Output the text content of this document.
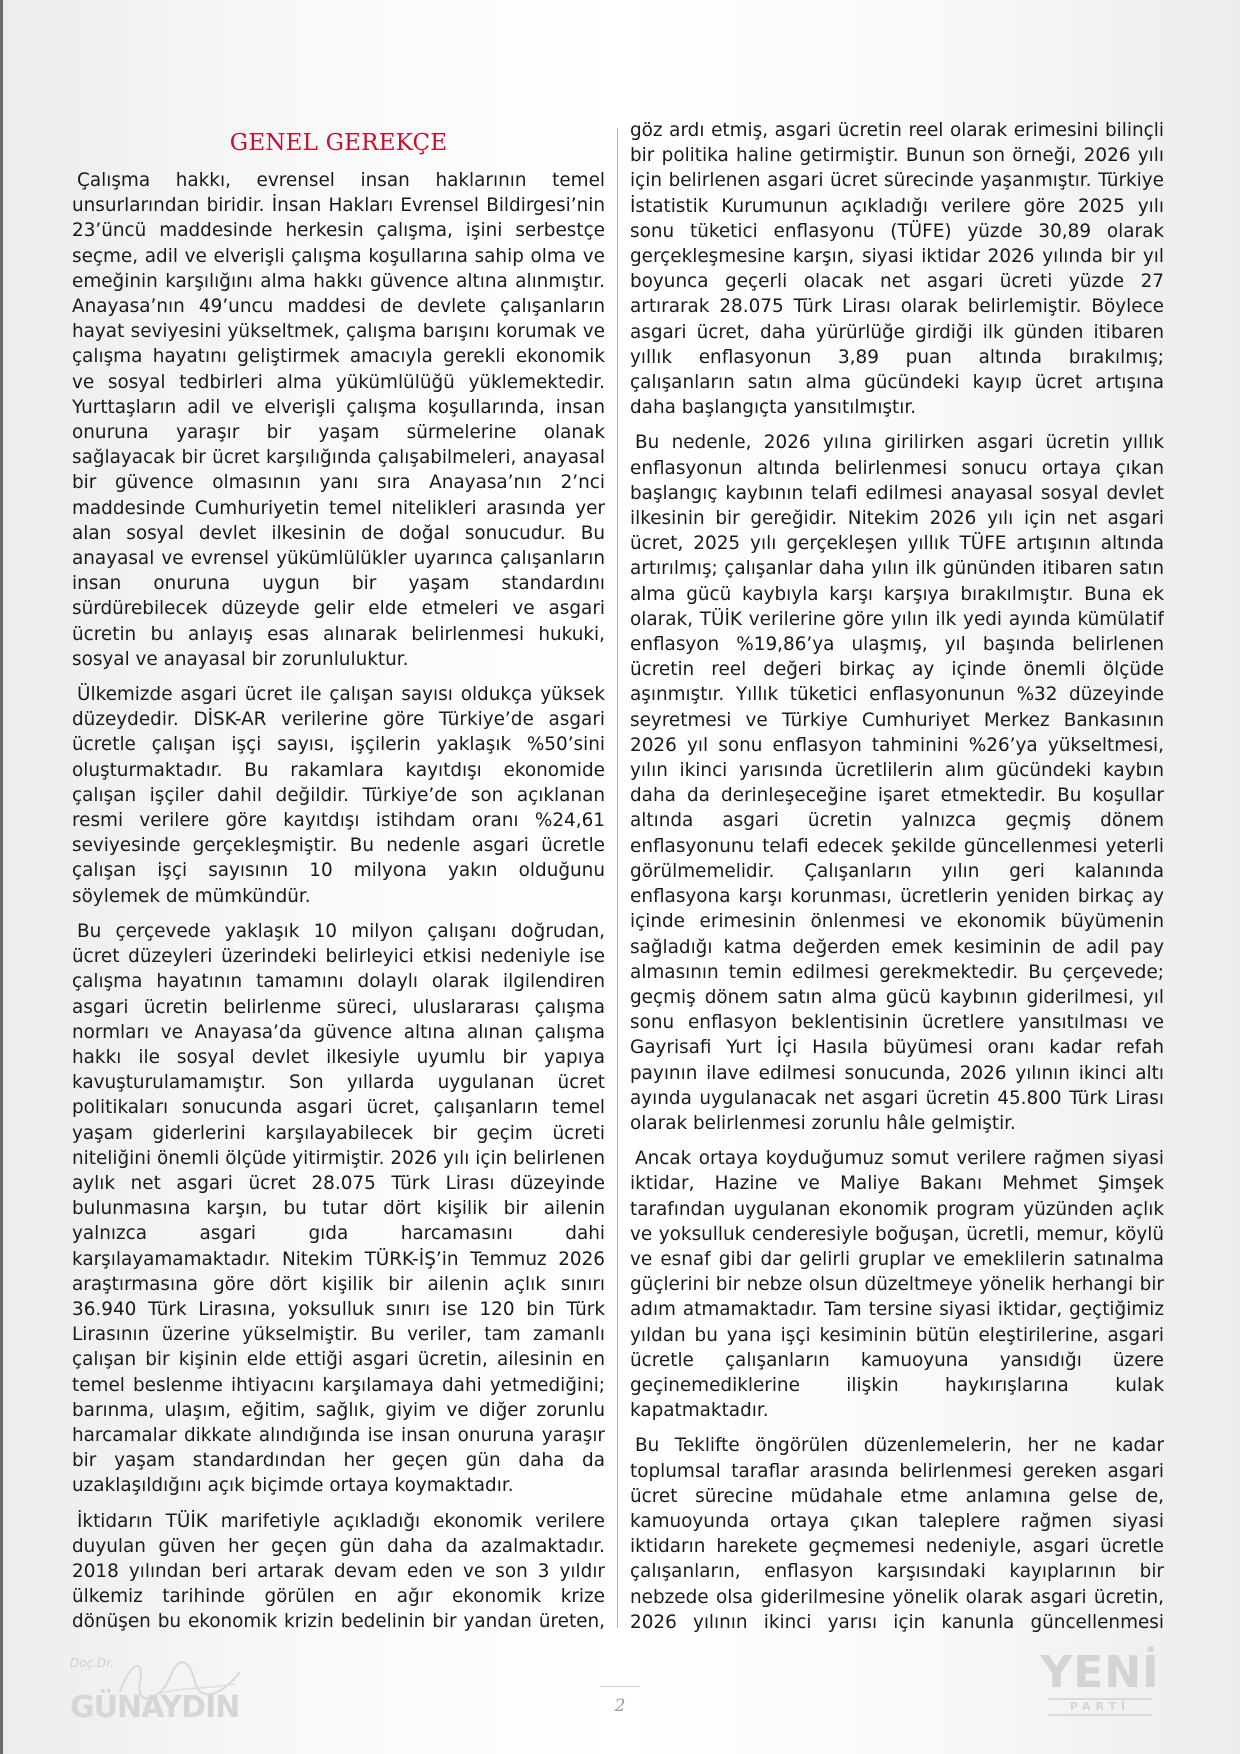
GENEL GEREKÇE

Çalışma hakkı, evrensel insan haklarının temel unsurlarından biridir. İnsan Hakları Evrensel Bildirgesi’nin 23’üncü maddesinde herkesin çalışma, işini serbestçe seçme, adil ve elverişli çalışma koşullarına sahip olma ve emeğinin karşılığını alma hakkı güvence altına alınmıştır. Anayasa’nın 49’uncu maddesi de devlete çalışanların hayat seviyesini yükseltmek, çalışma barışını korumak ve çalışma hayatını geliştirmek amacıyla gerekli ekonomik ve sosyal tedbirleri alma yükümlülüğü yüklemektedir. Yurttaşların adil ve elverişli çalışma koşullarında, insan onuruna yaraşır bir yaşam sürmelerine olanak sağlayacak bir ücret karşılığında çalışabilmeleri, anayasal bir güvence olmasının yanı sıra Anayasa’nın 2’nci maddesinde Cumhuriyetin temel nitelikleri arasında yer alan sosyal devlet ilkesinin de doğal sonucudur. Bu anayasal ve evrensel yükümlülükler uyarınca çalışanların insan onuruna uygun bir yaşam standardını sürdürebilecek düzeyde gelir elde etmeleri ve asgari ücretin bu anlayış esas alınarak belirlenmesi hukuki, sosyal ve anayasal bir zorunluluktur.

Ülkemizde asgari ücret ile çalışan sayısı oldukça yüksek düzeydedir. DİSK-AR verilerine göre Türkiye’de asgari ücretle çalışan işçi sayısı, işçilerin yaklaşık %50’sini oluşturmaktadır. Bu rakamlara kayıtdışı ekonomide çalışan işçiler dahil değildir. Türkiye’de son açıklanan resmi verilere göre kayıtdışı istihdam oranı %24,61 seviyesinde gerçekleşmiştir. Bu nedenle asgari ücretle çalışan işçi sayısının 10 milyona yakın olduğunu söylemek de mümkündür.

Bu çerçevede yaklaşık 10 milyon çalışanı doğrudan, ücret düzeyleri üzerindeki belirleyici etkisi nedeniyle ise çalışma hayatının tamamını dolaylı olarak ilgilendiren asgari ücretin belirlenme süreci, uluslararası çalışma normları ve Anayasa’da güvence altına alınan çalışma hakkı ile sosyal devlet ilkesiyle uyumlu bir yapıya kavuşturulamamıştır. Son yıllarda uygulanan ücret politikaları sonucunda asgari ücret, çalışanların temel yaşam giderlerini karşılayabilecek bir geçim ücreti niteliğini önemli ölçüde yitirmiştir. 2026 yılı için belirlenen aylık net asgari ücret 28.075 Türk Lirası düzeyinde bulunmasına karşın, bu tutar dört kişilik bir ailenin yalnızca asgari gıda harcamasını dahi karşılayamamaktadır. Nitekim TÜRK-İŞ’in Temmuz 2026 araştırmasına göre dört kişilik bir ailenin açlık sınırı 36.940 Türk Lirasına, yoksulluk sınırı ise 120 bin Türk Lirasının üzerine yükselmiştir. Bu veriler, tam zamanlı çalışan bir kişinin elde ettiği asgari ücretin, ailesinin en temel beslenme ihtiyacını karşılamaya dahi yetmediğini; barınma, ulaşım, eğitim, sağlık, giyim ve diğer zorunlu harcamalar dikkate alındığında ise insan onuruna yaraşır bir yaşam standardından her geçen gün daha da uzaklaşıldığını açık biçimde ortaya koymaktadır.

İktidarın TÜİK marifetiyle açıkladığı ekonomik verilere duyulan güven her geçen gün daha da azalmaktadır. 2018 yılından beri artarak devam eden ve son 3 yıldır ülkemiz tarihinde görülen en ağır ekonomik krize dönüşen bu ekonomik krizin bedelinin bir yandan üreten,

göz ardı etmiş, asgari ücretin reel olarak erimesini bilinçli bir politika haline getirmiştir. Bunun son örneği, 2026 yılı için belirlenen asgari ücret sürecinde yaşanmıştır. Türkiye İstatistik Kurumunun açıkladığı verilere göre 2025 yılı sonu tüketici enflasyonu (TÜFE) yüzde 30,89 olarak gerçekleşmesine karşın, siyasi iktidar 2026 yılında bir yıl boyunca geçerli olacak net asgari ücreti yüzde 27 artırarak 28.075 Türk Lirası olarak belirlemiştir. Böylece asgari ücret, daha yürürlüğe girdiği ilk günden itibaren yıllık enflasyonun 3,89 puan altında bırakılmış; çalışanların satın alma gücündeki kayıp ücret artışına daha başlangıçta yansıtılmıştır.

Bu nedenle, 2026 yılına girilirken asgari ücretin yıllık enflasyonun altında belirlenmesi sonucu ortaya çıkan başlangıç kaybının telafi edilmesi anayasal sosyal devlet ilkesinin bir gereğidir. Nitekim 2026 yılı için net asgari ücret, 2025 yılı gerçekleşen yıllık TÜFE artışının altında artırılmış; çalışanlar daha yılın ilk gününden itibaren satın alma gücü kaybıyla karşı karşıya bırakılmıştır. Buna ek olarak, TÜİK verilerine göre yılın ilk yedi ayında kümülatif enflasyon %19,86’ya ulaşmış, yıl başında belirlenen ücretin reel değeri birkaç ay içinde önemli ölçüde aşınmıştır. Yıllık tüketici enflasyonunun %32 düzeyinde seyretmesi ve Türkiye Cumhuriyet Merkez Bankasının 2026 yıl sonu enflasyon tahminini %26’ya yükseltmesi, yılın ikinci yarısında ücretlilerin alım gücündeki kaybın daha da derinleşeceğine işaret etmektedir. Bu koşullar altında asgari ücretin yalnızca geçmiş dönem enflasyonunu telafi edecek şekilde güncellenmesi yeterli görülmemelidir. Çalışanların yılın geri kalanında enflasyona karşı korunması, ücretlerin yeniden birkaç ay içinde erimesinin önlenmesi ve ekonomik büyümenin sağladığı katma değerden emek kesiminin de adil pay almasının temin edilmesi gerekmektedir. Bu çerçevede; geçmiş dönem satın alma gücü kaybının giderilmesi, yıl sonu enflasyon beklentisinin ücretlere yansıtılması ve Gayrisafi Yurt İçi Hasıla büyümesi oranı kadar refah payının ilave edilmesi sonucunda, 2026 yılının ikinci altı ayında uygulanacak net asgari ücretin 45.800 Türk Lirası olarak belirlenmesi zorunlu hâle gelmiştir.

Ancak ortaya koyduğumuz somut verilere rağmen siyasi iktidar, Hazine ve Maliye Bakanı Mehmet Şimşek tarafından uygulanan ekonomik program yüzünden açlık ve yoksulluk cenderesiyle boğuşan, ücretli, memur, köylü ve esnaf gibi dar gelirli gruplar ve emeklilerin satınalma güçlerini bir nebze olsun düzeltmeye yönelik herhangi bir adım atmamaktadır. Tam tersine siyasi iktidar, geçtiğimiz yıldan bu yana işçi kesiminin bütün eleştirilerine, asgari ücretle çalışanların kamuoyuna yansıdığı üzere geçinemediklerine ilişkin haykırışlarına kulak kapatmaktadır.

Bu Teklifte öngörülen düzenlemelerin, her ne kadar toplumsal taraflar arasında belirlenmesi gereken asgari ücret sürecine müdahale etme anlamına gelse de, kamuoyunda ortaya çıkan taleplere rağmen siyasi iktidarın harekete geçmemesi nedeniyle, asgari ücretle çalışanların, enflasyon karşısındaki kayıplarının bir nebzede olsa giderilmesine yönelik olarak asgari ücretin, 2026 yılının ikinci yarısı için kanunla güncellenmesi

Doç.Dr.
GÜNAYDIN	2
YENİ
PARTİ
